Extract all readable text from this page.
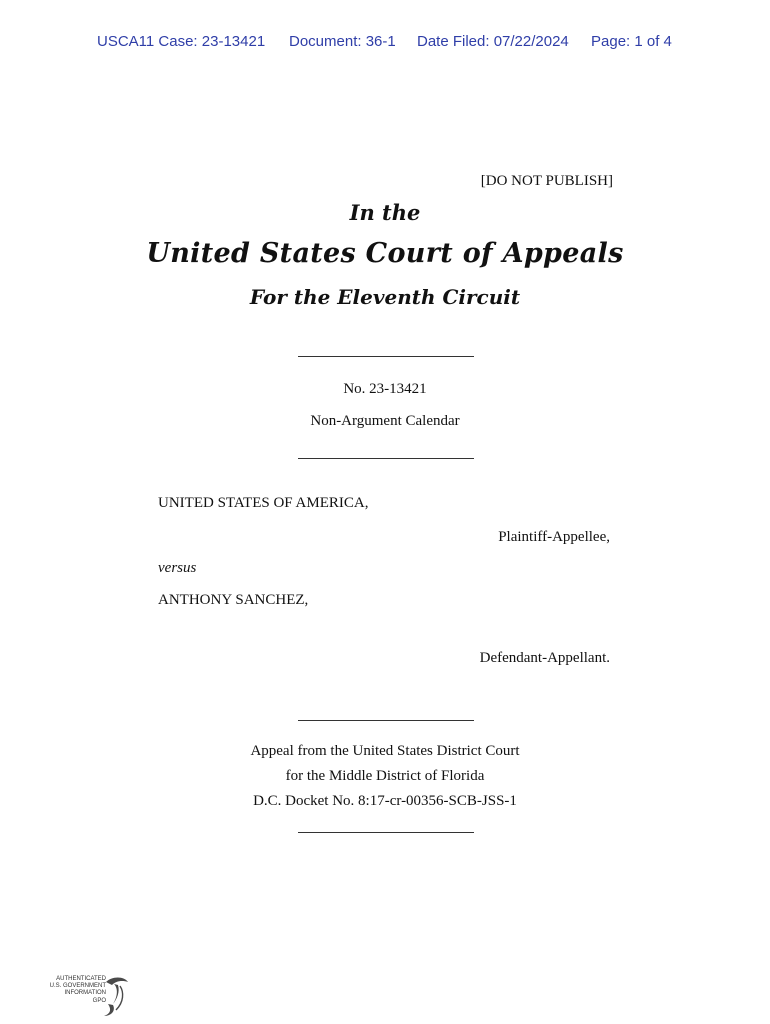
USCA11 Case: 23-13421 Document: 36-1 Date Filed: 07/22/2024 Page: 1 of 4
[DO NOT PUBLISH]
In the
United States Court of Appeals
For the Eleventh Circuit
No. 23-13421
Non-Argument Calendar
UNITED STATES OF AMERICA,
Plaintiff-Appellee,
versus
ANTHONY SANCHEZ,
Defendant-Appellant.
Appeal from the United States District Court
for the Middle District of Florida
D.C. Docket No. 8:17-cr-00356-SCB-JSS-1
AUTHENTICATED
U.S. GOVERNMENT
INFORMATION
GPO
